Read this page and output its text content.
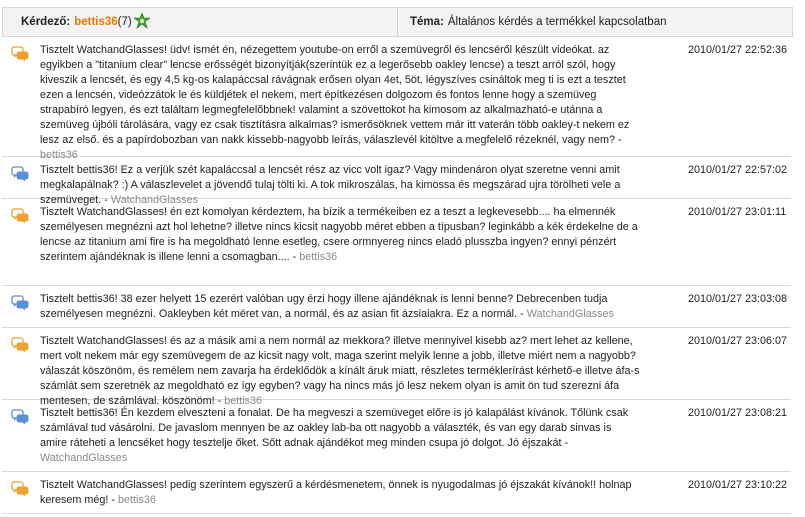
Kérdező: bettis36 (7)	Téma: Általános kérdés a termékkel kapcsolatban
Tisztelt WatchandGlasses! üdv! ismét én, nézegettem youtube-on erről a szemüvegről és lencséről készült videókat. az egyikben a "titanium clear" lencse erősségét bizonyítják(szerintük ez a legerősebb oakley lencse) a teszt arról szól, hogy kiveszik a lencsét, és egy 4,5 kg-os kalapáccsal rávágnak erősen olyan 4et, 5öt. légyszíves csináltok meg ti is ezt a tesztet ezen a lencsén, videózzátok le és küldjétek el nekem, mert építkezésen dolgozom és fontos lenne hogy a szemüveg strapabíró legyen, és ezt találtam legmegfelelőbbnek! valamint a szövettokot ha kimosom az alkalmazható-e utánna a szemüveg újbóli tárolására, vagy ez csak tisztításra alkalmas? ismerősöknek vettem már itt vaterán több oakley-t nekem ez lesz az első. és a papírdobozban van nakk kissebb-nagyobb leírás, válaszlevél kitöltve a megfelelő rézeknél, vagy nem? - bettis36
2010/01/27 22:52:36
Tisztelt bettis36! Ez a verjük szét kapaláccsal a lencsét rész az vicc volt igaz? Vagy mindenáron olyat szeretne venni amit megkalapálnak? :) A válaszlevelet a jövendő tulaj tölti ki. A tok mikroszálas, ha kimossa és megszárad ujra törölheti vele a szemüveget. - WatchandGlasses
2010/01/27 22:57:02
Tisztelt WatchandGlasses! én ezt komolyan kérdeztem, ha bízik a termékeiben ez a teszt a legkevesebb.... ha elmennék személyesen megnézni azt hol lehetne? illetve nincs kicsit nagyobb méret ebben a típusban? leginkább a kék érdekelne de a lencse az titanium ami fire is ha megoldható lenne esetleg, csere ormnyereg nincs eladó plusszba ingyen? ennyi pénzért szerintem ajándéknak is illene lenni a csomagban.... - bettis36
2010/01/27 23:01:11
Tisztelt bettis36! 38 ezer helyett 15 ezerért valóban ugy érzi hogy illene ajándéknak is lenni benne? Debrecenben tudja személyesen megnézni. Oakleyben két méret van, a normál, és az asian fit ázsiaiakra. Ez a normál. - WatchandGlasses
2010/01/27 23:03:08
Tisztelt WatchandGlasses! és az a másik ami a nem normál az mekkora? illetve mennyivel kisebb az? mert lehet az kellene, mert volt nekem már egy szemüvegem de az kicsit nagy volt, maga szerint melyik lenne a jobb, illetve miért nem a nagyobb? válaszát köszönöm, és remélem nem zavarja ha érdeklődök a kínált áruk miatt, részletes terméklerírást kérhető-e illetve áfa-s számlát sem szeretnék az megoldható ez így egyben? vagy ha nincs más jó lesz nekem olyan is amit ön tud szerezni áfa mentesen, de számlával. köszönöm! - bettis36
2010/01/27 23:06:07
Tisztelt bettis36! Én kezdem elveszteni a fonalat. De ha megveszi a szemüveget előre is jó kalapálást kívánok. Tőlünk csak számlával tud vásárolni. De javaslom mennyen be az oakley lab-ba ott nagyobb a választék, és van egy darab sinvas is amire ráteheti a lencséket hogy tesztelje őket. Sőtt adnak ajándékot meg minden csupa jó dolgot. Jó éjszakát - WatchandGlasses
2010/01/27 23:08:21
Tisztelt WatchandGlasses! pedig szerintem egyszerű a kérdésmenetem, önnek is nyugodalmas jó éjszakát kívánok!! holnap keresem még! - bettis36
2010/01/27 23:10:22
